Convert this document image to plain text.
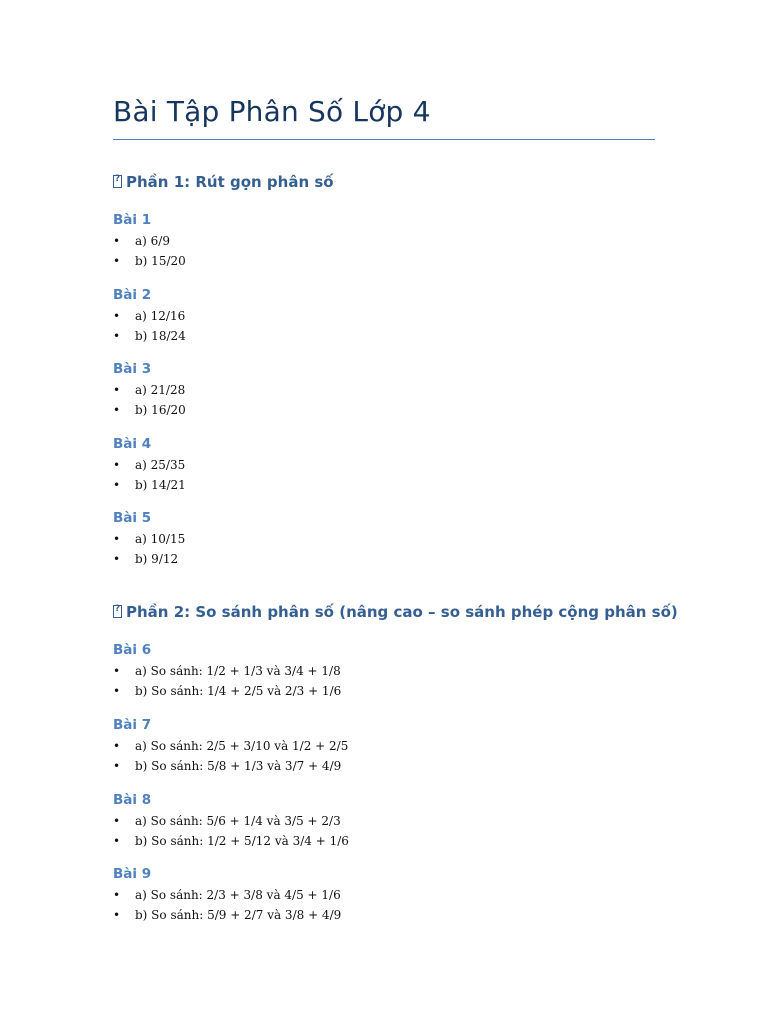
Bài Tập Phân Số Lớp 4
?Phần 1: Rút gọn phân số
Bài 1
•	a) 6/9
•	b) 15/20
Bài 2
•	a) 12/16
•	b) 18/24
Bài 3
•	a) 21/28
•	b) 16/20
Bài 4
•	a) 25/35
•	b) 14/21
Bài 5
•	a) 10/15
•	b) 9/12
?Phần 2: So sánh phân số (nâng cao – so sánh phép cộng phân số)
Bài 6
•	a) So sánh: 1/2 + 1/3 và 3/4 + 1/8
•	b) So sánh: 1/4 + 2/5 và 2/3 + 1/6
Bài 7
•	a) So sánh: 2/5 + 3/10 và 1/2 + 2/5
•	b) So sánh: 5/8 + 1/3 và 3/7 + 4/9
Bài 8
•	a) So sánh: 5/6 + 1/4 và 3/5 + 2/3
•	b) So sánh: 1/2 + 5/12 và 3/4 + 1/6
Bài 9
•	a) So sánh: 2/3 + 3/8 và 4/5 + 1/6
•	b) So sánh: 5/9 + 2/7 và 3/8 + 4/9
